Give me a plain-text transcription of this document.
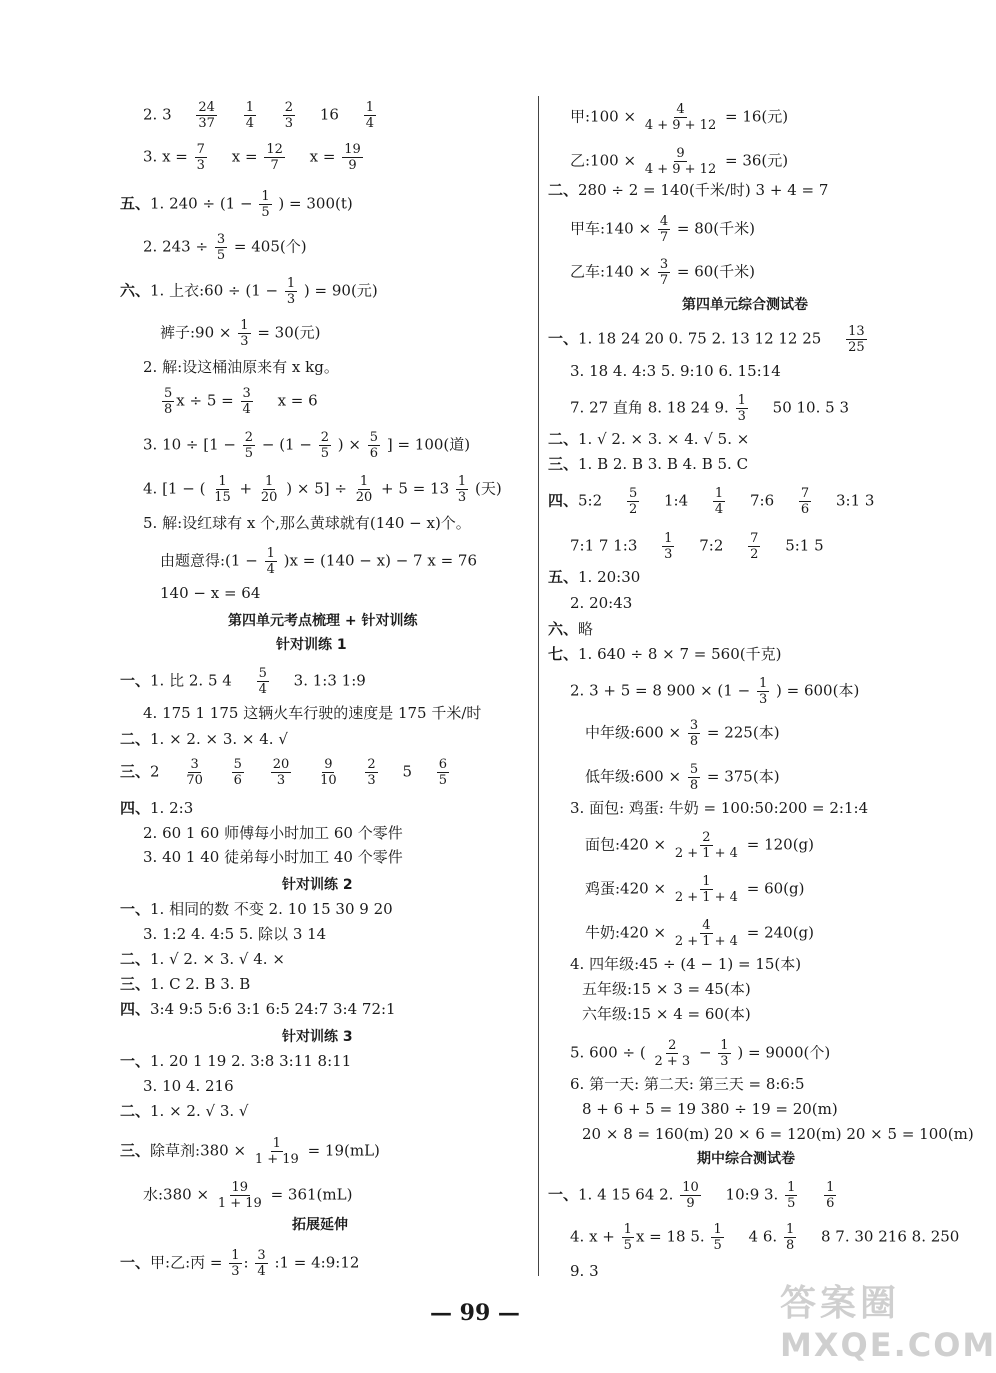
2. $3 \frac{24}{37}$
$\frac{1}{4}$
$\frac{2}{3} 16 \frac{1}{4}$
3. $x = \frac{7}{3}$ $x = \frac{12}{7}$ $x = \frac{19}{9}$
五、1. $240 \div (1 - \frac{1}{5}$ ) = 300(t)
2. $243 \div \frac{3}{5} = 405$(个)
六、1. 上衣:60 ÷ ($1 - \frac{1}{3}$ ) = 90(元)
裤子:90 × $\frac{1}{3} = 30$(元)
2. 解:设这桶油原来有 x kg。
$\frac{5}{8}$ $x \div 5 = \frac{3}{4}$ x = 6
3. $10 \div [1 - \frac{2}{5} - (1 - \frac{2}{5}$ ) × $\frac{5}{6}$ ] = 100(道)
4. [1 − ( $\frac{1}{15} + \frac{1}{20}$ ) × $5] \div \frac{1}{20} + 5 = 13 \frac{1}{3}$ (天)
5. 解:设红球有 x 个,那么黄球就有(140 − x)个。
由题意得:(1 − $\frac{1}{4} )x = (140 - x) - 7$ x = 76
140 − x = 64
第四单元考点梳理 + 针对训练
针对训练 1
一、1. 比 2. 5 $4 \frac{5}{4} 3$. 1:3 1:9
4. 175 1 175 这辆火车行驶的速度是 175 千米/时
二、1. × 2. × 3. × 4. √
三、$2 \frac{3}{70}$
$\frac{5}{6}$
$\frac{20}{3}$
$\frac{9}{10}$
$\frac{2}{3} 5 \frac{6}{5}$
四、1. 2:3
2. 60 1 60 师傅每小时加工 60 个零件
3. 40 1 40 徒弟每小时加工 40 个零件
针对训练 2
一、1. 相同的数 不变 2. 10 15 30 9 20
3. 1:2 4. 4:5 5. 除以 3 14
二、1. √ 2. × 3. √ 4. ×
三、1. C 2. B 3. B
四、3:4 9:5 5:6 3:1 6:5 24:7 3:4 72:1
针对训练 3
一、1. 20 1 19 2. 3:8 3:11 8:11
3. 10 4. 216
二、1. × 2. √ 3. √
三、除草剂:380 × $\frac{1}{1 + 19} = 19(mL)$
水:380 × $\frac{19}{1 + 19} = 361(mL)$
拓展延伸
一、甲:乙:丙 = $\frac{1}{3}$ : $\frac{3}{4}$ :1 = 4:9:12
甲:100 × $\frac{4}{4 + 9 + 12} = 16$(元)
乙:100 × $\frac{9}{4 + 9 + 12} = 36$(元)
二、280 ÷ 2 = 140(千米/时) 3 + 4 = 7
甲车:140 × $\frac{4}{7} = 80$(千米)
乙车:140 × $\frac{3}{7} = 60$(千米)
第四单元综合测试卷
一、1. 18 24 20 0. 75 2. 13 12 12 $25 \frac{13}{25}$
3. 18 4. 4:3 5. 9:10 6. 15:14
7. 27 直角 8. 18 24 9. $\frac{1}{3} 50$ 10. 5 3
二、1. √ 2. × 3. × 4. √ 5. ×
三、1. B 2. B 3. B 4. B 5. C
四、5:2 $\frac{5}{2}$ 1:4 $\frac{1}{4}$ 7:6 $\frac{7}{6}$ 3:1 3
7:1 7 1:3 $\frac{1}{3}$ 7:2 $\frac{7}{2}$ 5:1 5
五、1. 20:30
2. 20:43
六、略
七、1. 640 ÷ 8 × 7 = 560(千克)
2. 3 + 5 = 8 $900 \times (1 - \frac{1}{3}$ ) = 600(本)
中年级:600 × $\frac{3}{8} = 225$(本)
低年级:600 × $\frac{5}{8} = 375$(本)
3. 面包: 鸡蛋: 牛奶 = 100:50:200 = 2:1:4
面包:420 × $\frac{2}{2 + 1 + 4} = 120(g)$
鸡蛋:420 × $\frac{1}{2 + 1 + 4} = 60(g)$
牛奶:420 × $\frac{4}{2 + 1 + 4} = 240(g)$
4. 四年级:45 ÷ (4 − 1) = 15(本)
五年级:15 × 3 = 45(本)
六年级:15 × 4 = 60(本)
5. 600 ÷ ( $\frac{2}{2 + 3} - \frac{1}{3}$ ) = 9000(个)
6. 第一天: 第二天: 第三天 = 8:6:5
8 + 6 + 5 = 19 380 ÷ 19 = 20(m)
20 × 8 = 160(m) 20 × 6 = 120(m) 20 × 5 = 100(m)
期中综合测试卷
一、1. 4 15 64 2. $\frac{10}{9}$ 10:9 3. $\frac{1}{5}$
$\frac{1}{6}$
4. $x + \frac{1}{5}$ x = 18 5. $\frac{1}{5} 4$ 6. $\frac{1}{8} 8$ 7. 30 216 8. 250
9. 3
— 99 —	答案圈
MXQE.COM
